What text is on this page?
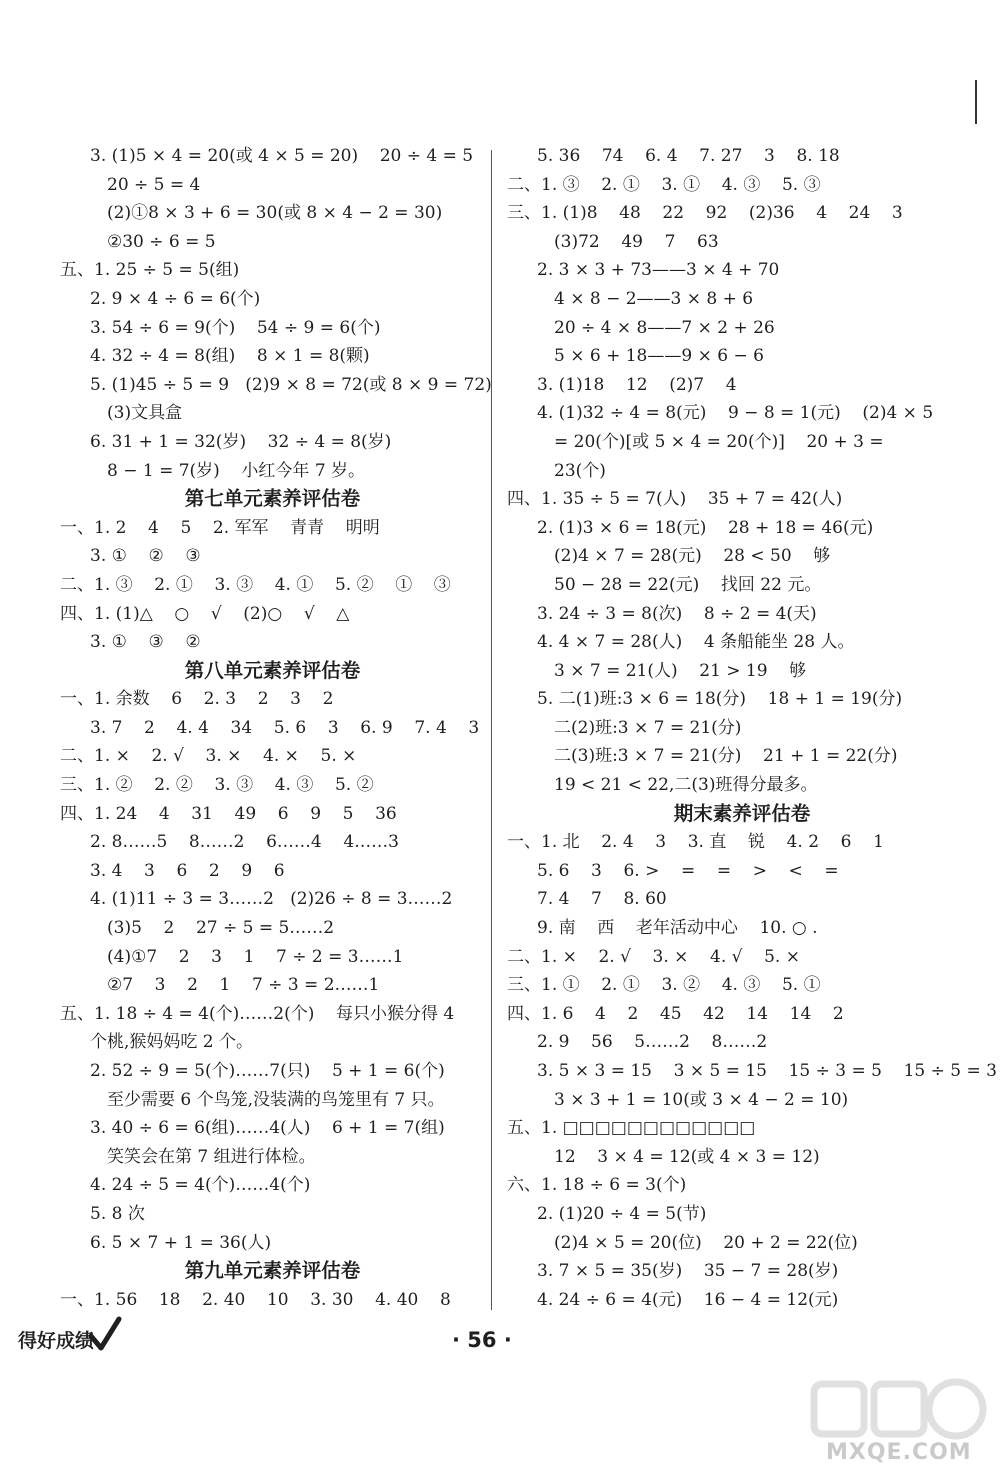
3. (1)5 × 4 = 20(或 4 × 5 = 20)    20 ÷ 4 = 5
20 ÷ 5 = 4
(2)①8 × 3 + 6 = 30(或 8 × 4 − 2 = 30)
②30 ÷ 6 = 5
五、1. 25 ÷ 5 = 5(组)
2. 9 × 4 ÷ 6 = 6(个)
3. 54 ÷ 6 = 9(个)    54 ÷ 9 = 6(个)
4. 32 ÷ 4 = 8(组)    8 × 1 = 8(颗)
5. (1)45 ÷ 5 = 9   (2)9 × 8 = 72(或 8 × 9 = 72)
(3)文具盒
6. 31 + 1 = 32(岁)    32 ÷ 4 = 8(岁)
8 − 1 = 7(岁)    小红今年 7 岁。
第七单元素养评估卷
一、1. 2    4    5    2. 军军    青青    明明
3. ①    ②    ③
二、1. ③    2. ①    3. ③    4. ①    5. ②    ①    ③
四、1. (1)△    ○    √    (2)○    √    △
3. ①    ③    ②
第八单元素养评估卷
一、1. 余数    6    2. 3    2    3    2
3. 7    2    4. 4    34    5. 6    3    6. 9    7. 4    3
二、1. ×    2. √    3. ×    4. ×    5. ×
三、1. ②    2. ②    3. ③    4. ③    5. ②
四、1. 24    4    31    49    6    9    5    36
2. 8……5    8……2    6……4    4……3
3. 4    3    6    2    9    6
4. (1)11 ÷ 3 = 3……2   (2)26 ÷ 8 = 3……2
(3)5    2    27 ÷ 5 = 5……2
(4)①7    2    3    1    7 ÷ 2 = 3……1
②7    3    2    1    7 ÷ 3 = 2……1
五、1. 18 ÷ 4 = 4(个)……2(个)    每只小猴分得 4
个桃,猴妈妈吃 2 个。
2. 52 ÷ 9 = 5(个)……7(只)    5 + 1 = 6(个)
至少需要 6 个鸟笼,没装满的鸟笼里有 7 只。
3. 40 ÷ 6 = 6(组)……4(人)    6 + 1 = 7(组)
笑笑会在第 7 组进行体检。
4. 24 ÷ 5 = 4(个)……4(个)
5. 8 次
6. 5 × 7 + 1 = 36(人)
第九单元素养评估卷
一、1. 56    18    2. 40    10    3. 30    4. 40    8
5. 36    74    6. 4    7. 27    3    8. 18
二、1. ③    2. ①    3. ①    4. ③    5. ③
三、1. (1)8    48    22    92    (2)36    4    24    3
(3)72    49    7    63
2. 3 × 3 + 73——3 × 4 + 70
4 × 8 − 2——3 × 8 + 6
20 ÷ 4 × 8——7 × 2 + 26
5 × 6 + 18——9 × 6 − 6
3. (1)18    12    (2)7    4
4. (1)32 ÷ 4 = 8(元)    9 − 8 = 1(元)    (2)4 × 5
= 20(个)[或 5 × 4 = 20(个)]    20 + 3 =
23(个)
四、1. 35 ÷ 5 = 7(人)    35 + 7 = 42(人)
2. (1)3 × 6 = 18(元)    28 + 18 = 46(元)
(2)4 × 7 = 28(元)    28 < 50    够
50 − 28 = 22(元)    找回 22 元。
3. 24 ÷ 3 = 8(次)    8 ÷ 2 = 4(天)
4. 4 × 7 = 28(人)    4 条船能坐 28 人。
3 × 7 = 21(人)    21 > 19    够
5. 二(1)班:3 × 6 = 18(分)    18 + 1 = 19(分)
二(2)班:3 × 7 = 21(分)
二(3)班:3 × 7 = 21(分)    21 + 1 = 22(分)
19 < 21 < 22,二(3)班得分最多。
期末素养评估卷
一、1. 北    2. 4    3    3. 直    锐    4. 2    6    1
5. 6    3    6. >    =    =    >    <    =
7. 4    7    8. 60
9. 南    西    老年活动中心    10. ○ .
二、1. ×    2. √    3. ×    4. √    5. ×
三、1. ①    2. ①    3. ②    4. ③    5. ①
四、1. 6    4    2    45    42    14    14    2
2. 9    56    5……2    8……2
3. 5 × 3 = 15    3 × 5 = 15    15 ÷ 3 = 5    15 ÷ 5 = 3
3 × 3 + 1 = 10(或 3 × 4 − 2 = 10)
五、1. □□□□□□□□□□□□
12    3 × 4 = 12(或 4 × 3 = 12)
六、1. 18 ÷ 6 = 3(个)
2. (1)20 ÷ 4 = 5(节)
(2)4 × 5 = 20(位)    20 + 2 = 22(位)
3. 7 × 5 = 35(岁)    35 − 7 = 28(岁)
4. 24 ÷ 6 = 4(元)    16 − 4 = 12(元)
得好成绩	· 56 ·
MXQE.COM
